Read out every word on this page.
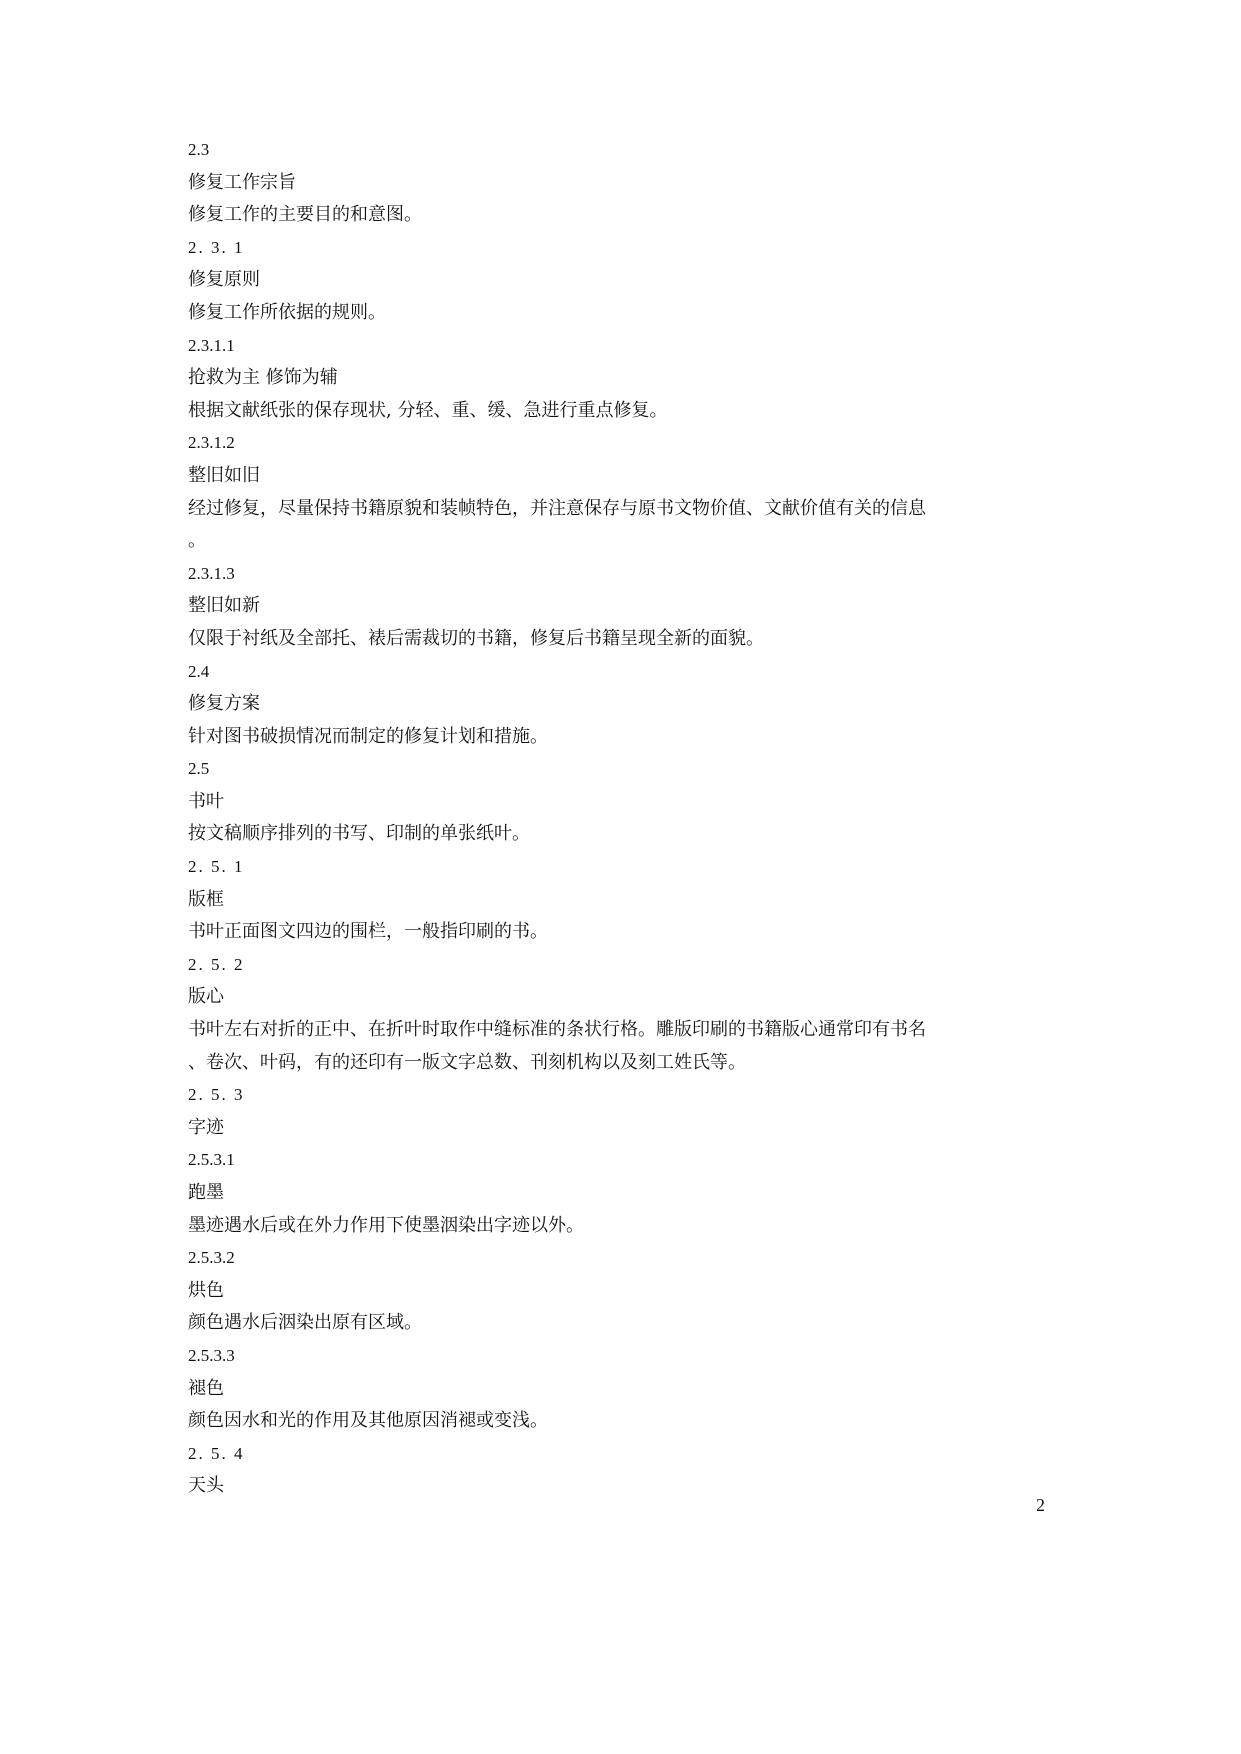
2.3
修复工作宗旨
修复工作的主要目的和意图。
2. 3. 1
修复原则
修复工作所依据的规则。
2.3.1.1
抢救为主 修饰为辅
根据文献纸张的保存现状, 分轻、重、缓、急进行重点修复。
2.3.1.2
整旧如旧
经过修复，尽量保持书籍原貌和装帧特色，并注意保存与原书文物价值、文献价值有关的信息
。
2.3.1.3
整旧如新
仅限于衬纸及全部托、裱后需裁切的书籍，修复后书籍呈现全新的面貌。
2.4
修复方案
针对图书破损情况而制定的修复计划和措施。
2.5
书叶
按文稿顺序排列的书写、印制的单张纸叶。
2. 5. 1
版框
书叶正面图文四边的围栏，一般指印刷的书。
2. 5. 2
版心
书叶左右对折的正中、在折叶时取作中缝标准的条状行格。雕版印刷的书籍版心通常印有书名
、卷次、叶码，有的还印有一版文字总数、刊刻机构以及刻工姓氏等。
2. 5. 3
字迹
2.5.3.1
跑墨
墨迹遇水后或在外力作用下使墨洇染出字迹以外。
2.5.3.2
烘色
颜色遇水后洇染出原有区域。
2.5.3.3
褪色
颜色因水和光的作用及其他原因消褪或变浅。
2. 5. 4
天头
2
